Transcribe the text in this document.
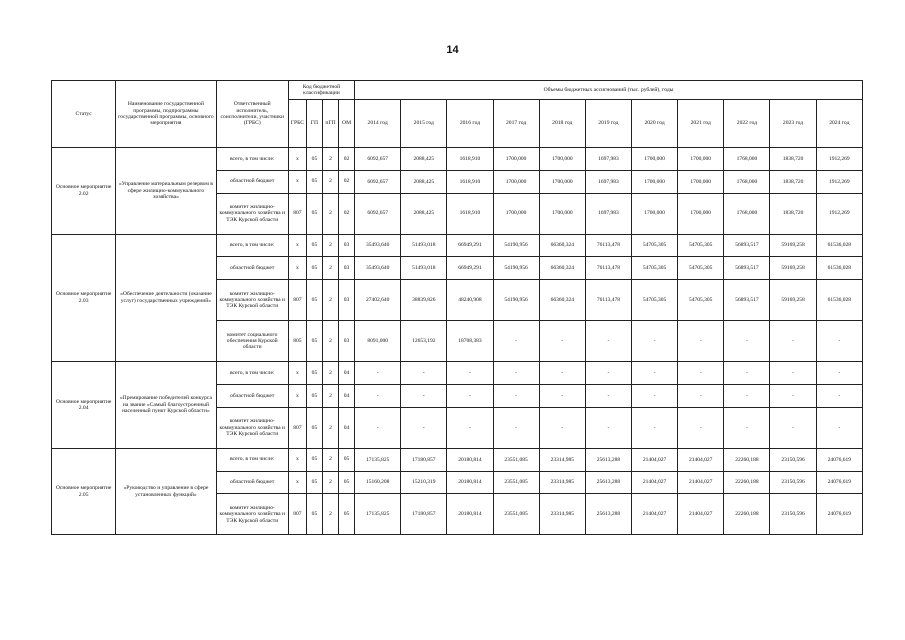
14
Статус	Наименование государственной программы, подпрограммы государственной программы, основного мероприятия	Ответственный исполнитель, соисполнители, участники (ГРБС)	Код бюджетной классификации				Объемы бюджетных ассигнований (тыс. рублей), годы										
			ГРБС	ГП	пГП	ОМ	2014 год	2015 год	2016 год	2017 год	2018 год	2019 год	2020 год	2021 год	2022 год	2023 год	2024 год
Основное мероприятие 2.02	«Управление материальным резервом в сфере жилищно-коммунального хозяйства»	всего, в том числе:	х	05	2	02	6092,657	2088,425	1618,910	1700,000	1700,000	1697,983	1700,000	1700,000	1768,000	1838,720	1912,269
		областной бюджет	х	05	2	02	6092,657	2088,425	1618,910	1700,000	1700,000	1697,983	1700,000	1700,000	1768,000	1838,720	1912,269
		комитет жилищно-коммунального хозяйства и ТЭК Курской области	807	05	2	02	6092,657	2088,425	1618,910	1700,000	1700,000	1697,983	1700,000	1700,000	1768,000	1838,720	1912,269
Основное мероприятие 2.03	«Обеспечение деятельности (оказание услуг) государственных учреждений»	всего, в том числе:	х	05	2	03	35493,640	51493,018	66949,291	54190,956	66360,324	76113,478	54705,305	54705,305	56893,517	59169,258	61536,028
		областной бюджет	х	05	2	03	35493,640	51493,018	66949,291	54190,956	66360,324	76113,478	54705,305	54705,305	56893,517	59169,258	61536,028
		комитет жилищно-коммунального хозяйства и ТЭК Курской области	807	05	2	03	27402,640	38839,826	48240,908	54190,956	66360,324	76113,478	54705,305	54705,305	56893,517	59169,258	61536,028
		комитет социального обеспечения Курской области	805	05	2	03	8091,000	12653,192	18708,383	-	-	-	-	-	-	-	-
Основное мероприятие 2.04	«Премирование победителей конкурса на звание «Самый благоустроенный населенный пункт Курской области»	всего, в том числе:	х	05	2	04	-	-	-	-	-	-	-	-	-	-	-
		областной бюджет	х	05	2	04	-	-	-	-	-	-	-	-	-	-	-
		комитет жилищно-коммунального хозяйства и ТЭК Курской области	807	05	2	04	-	-	-	-	-	-	-	-	-	-	-
Основное мероприятие 2.05	«Руководство и управление в сфере установленных функций»	всего, в том числе:	х	05	2	05	17135,825	17180,857	20180,814	23551,085	23314,985	25613,288	21404,027	21404,027	22260,188	23150,596	24076,619
		областной бюджет	х	05	2	05	15160,208	15210,319	20180,814	23551,085	23314,985	25613,288	21404,027	21404,027	22260,188	23150,596	24076,619
		комитет жилищно-коммунального хозяйства и ТЭК Курской области	807	05	2	05	17135,825	17180,857	20180,814	23551,085	23314,985	25613,288	21404,027	21404,027	22260,188	23150,596	24076,619
